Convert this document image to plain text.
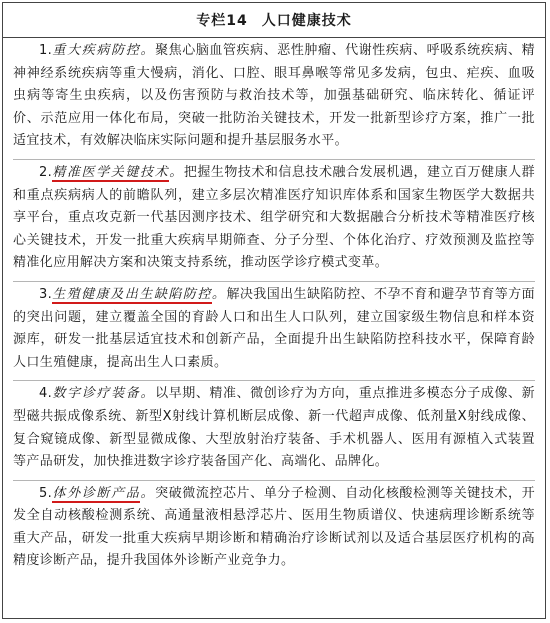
专栏14 人口健康技术
1.重大疾病防控。聚焦心脑血管疾病、恶性肿瘤、代谢性疾病、呼吸系统疾病、精神神经系统疾病等重大慢病，消化、口腔、眼耳鼻喉等常见多发病，包虫、疟疾、血吸虫病等寄生虫疾病，以及伤害预防与救治技术等，加强基础研究、临床转化、循证评价、示范应用一体化布局，突破一批防治关键技术，开发一批新型诊疗方案，推广一批适宜技术，有效解决临床实际问题和提升基层服务水平。
2.精准医学关键技术。把握生物技术和信息技术融合发展机遇，建立百万健康人群和重点疾病病人的前瞻队列，建立多层次精准医疗知识库体系和国家生物医学大数据共享平台，重点攻克新一代基因测序技术、组学研究和大数据融合分析技术等精准医疗核心关键技术，开发一批重大疾病早期筛查、分子分型、个体化治疗、疗效预测及监控等精准化应用解决方案和决策支持系统，推动医学诊疗模式变革。
3.生殖健康及出生缺陷防控。解决我国出生缺陷防控、不孕不育和避孕节育等方面的突出问题，建立覆盖全国的育龄人口和出生人口队列，建立国家级生物信息和样本资源库，研发一批基层适宜技术和创新产品，全面提升出生缺陷防控科技水平，保障育龄人口生殖健康，提高出生人口素质。
4.数字诊疗装备。以早期、精准、微创诊疗为方向，重点推进多模态分子成像、新型磁共振成像系统、新型X射线计算机断层成像、新一代超声成像、低剂量X射线成像、复合窥镜成像、新型显微成像、大型放射治疗装备、手术机器人、医用有源植入式装置等产品研发，加快推进数字诊疗装备国产化、高端化、品牌化。
5.体外诊断产品。突破微流控芯片、单分子检测、自动化核酸检测等关键技术，开发全自动核酸检测系统、高通量液相悬浮芯片、医用生物质谱仪、快速病理诊断系统等重大产品，研发一批重大疾病早期诊断和精确治疗诊断试剂以及适合基层医疗机构的高精度诊断产品，提升我国体外诊断产业竞争力。
